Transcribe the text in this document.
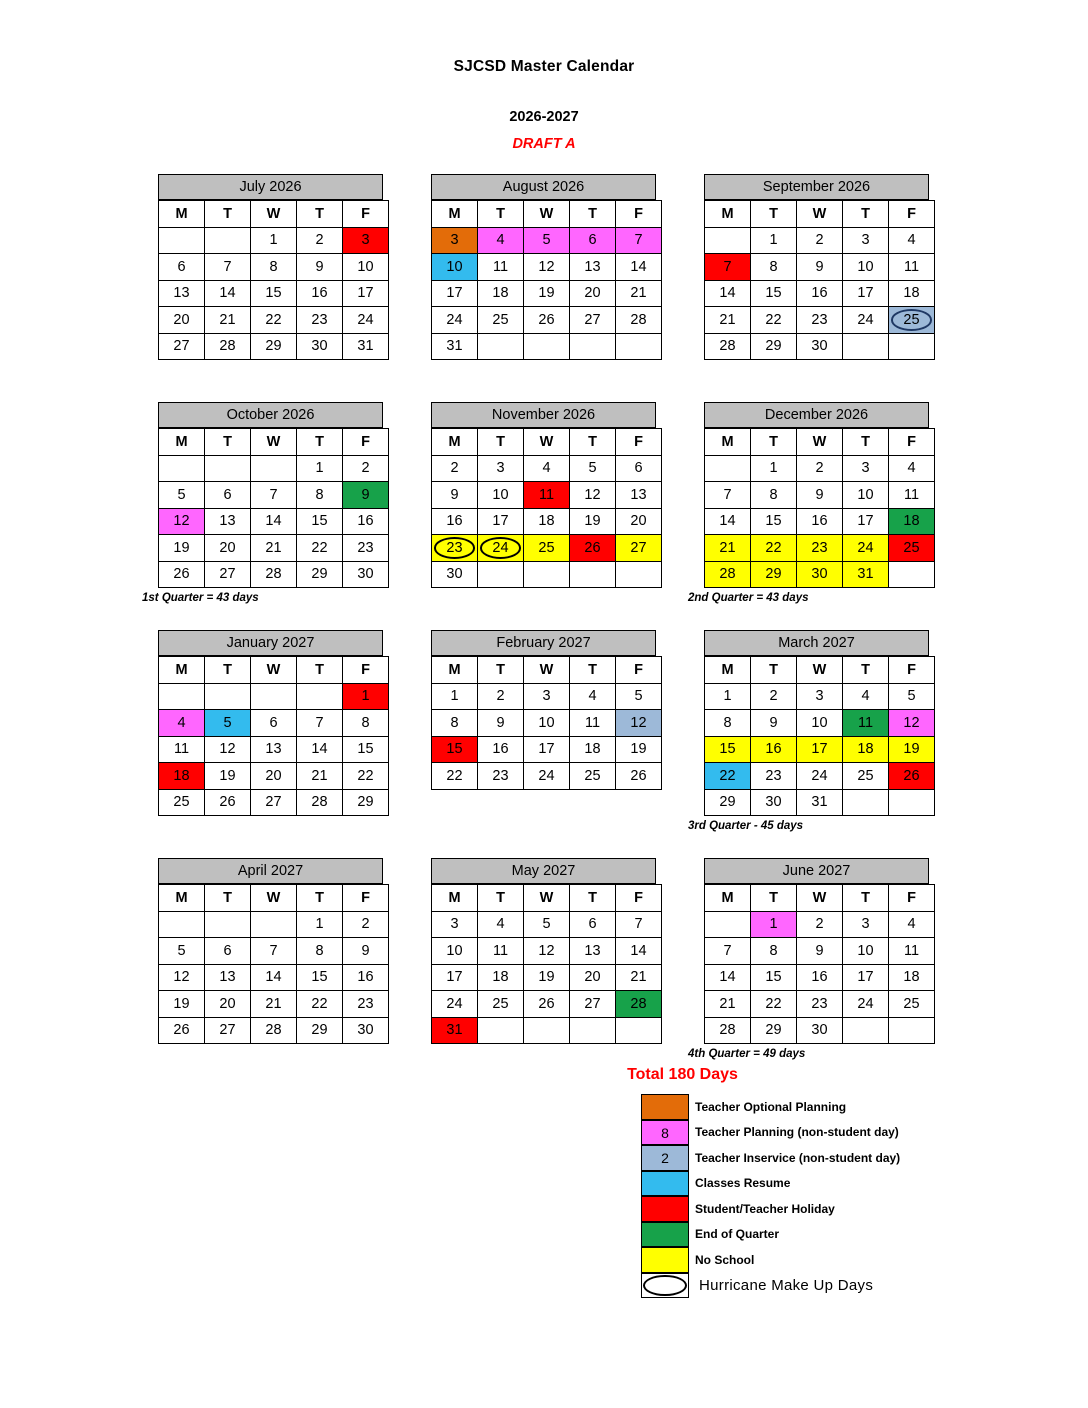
SJCSD Master Calendar
2026-2027
DRAFT A
July 2026
M	T	W	T	F
		1	2	3
6	7	8	9	10
13	14	15	16	17
20	21	22	23	24
27	28	29	30	31
August 2026
M	T	W	T	F
3	4	5	6	7
10	11	12	13	14
17	18	19	20	21
24	25	26	27	28
31				
September 2026
M	T	W	T	F
	1	2	3	4
7	8	9	10	11
14	15	16	17	18
21	22	23	24	25
28	29	30		
October 2026
M	T	W	T	F
			1	2
5	6	7	8	9
12	13	14	15	16
19	20	21	22	23
26	27	28	29	30
November 2026
M	T	W	T	F
2	3	4	5	6
9	10	11	12	13
16	17	18	19	20
23	24	25	26	27
30				
December 2026
M	T	W	T	F
	1	2	3	4
7	8	9	10	11
14	15	16	17	18
21	22	23	24	25
28	29	30	31	
1st Quarter = 43 days	2nd Quarter = 43 days
January 2027
M	T	W	T	F
				1
4	5	6	7	8
11	12	13	14	15
18	19	20	21	22
25	26	27	28	29
February 2027
M	T	W	T	F
1	2	3	4	5
8	9	10	11	12
15	16	17	18	19
22	23	24	25	26
March 2027
M	T	W	T	F
1	2	3	4	5
8	9	10	11	12
15	16	17	18	19
22	23	24	25	26
29	30	31		
3rd Quarter - 45 days
April 2027
M	T	W	T	F
			1	2
5	6	7	8	9
12	13	14	15	16
19	20	21	22	23
26	27	28	29	30
May 2027
M	T	W	T	F
3	4	5	6	7
10	11	12	13	14
17	18	19	20	21
24	25	26	27	28
31				
June 2027
M	T	W	T	F
	1	2	3	4
7	8	9	10	11
14	15	16	17	18
21	22	23	24	25
28	29	30		
4th Quarter = 49 days
Total 180 Days
Teacher Optional Planning
8	Teacher Planning (non-student day)
2	Teacher Inservice (non-student day)
Classes Resume
Student/Teacher Holiday
End of Quarter
No School
Hurricane Make Up Days
